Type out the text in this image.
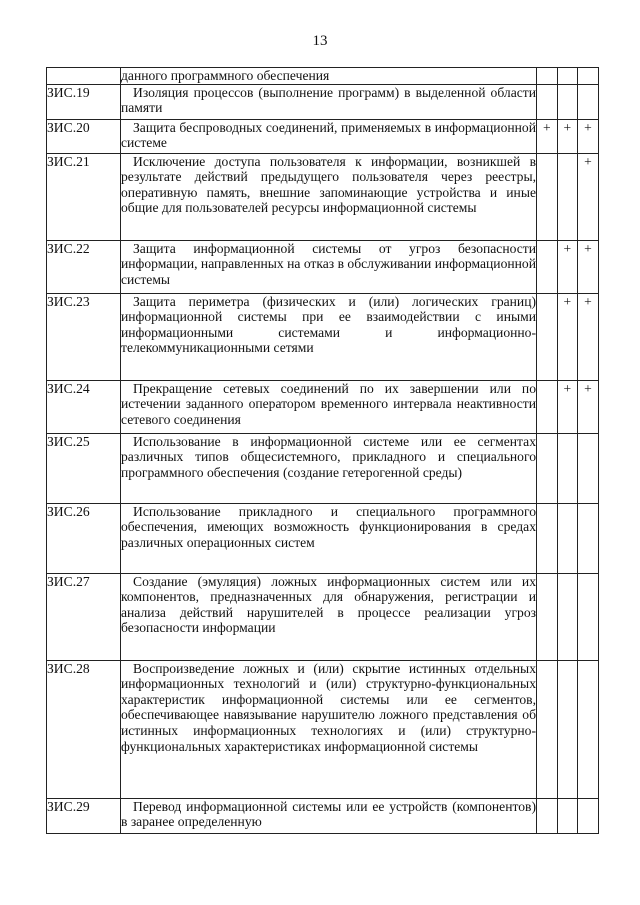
13

	данного программного обеспечения			

ЗИС.19	Изоляция процессов (выполнение программ) в выделенной области памяти			

ЗИС.20	Защита беспроводных соединений, применяемых в информационной системе	+	+	+
ЗИС.21	Исключение доступа пользователя к информации, возникшей в результате действий предыдущего пользователя через реестры, оперативную память, внешние запоминающие устройства и иные общие для пользователей ресурсы информационной системы			+
ЗИС.22	Защита информационной системы от угроз безопасности информации, направленных на отказ в обслуживании информационной системы		+	+
ЗИС.23	Защита периметра (физических и (или) логических границ) информационной системы при ее взаимодействии с иными информационными системами и информационно-телекоммуникационными сетями		+	+
ЗИС.24	Прекращение сетевых соединений по их завершении или по истечении заданного оператором временного интервала неактивности сетевого соединения		+	+
ЗИС.25	Использование в информационной системе или ее сегментах различных типов общесистемного, прикладного и специального программного обеспечения (создание гетерогенной среды)			

ЗИС.26	Использование прикладного и специального программного обеспечения, имеющих возможность функционирования в средах различных операционных систем			

ЗИС.27	Создание (эмуляция) ложных информационных систем или их компонентов, предназначенных для обнаружения, регистрации и анализа действий нарушителей в процессе реализации угроз безопасности информации			

ЗИС.28	Воспроизведение ложных и (или) скрытие истинных отдельных информационных технологий и (или) структурно-функциональных характеристик информационной системы или ее сегментов, обеспечивающее навязывание нарушителю ложного представления об истинных информационных технологиях и (или) структурно-функциональных характеристиках информационной системы			

ЗИС.29	Перевод информационной системы или ее устройств (компонентов) в заранее определенную			
